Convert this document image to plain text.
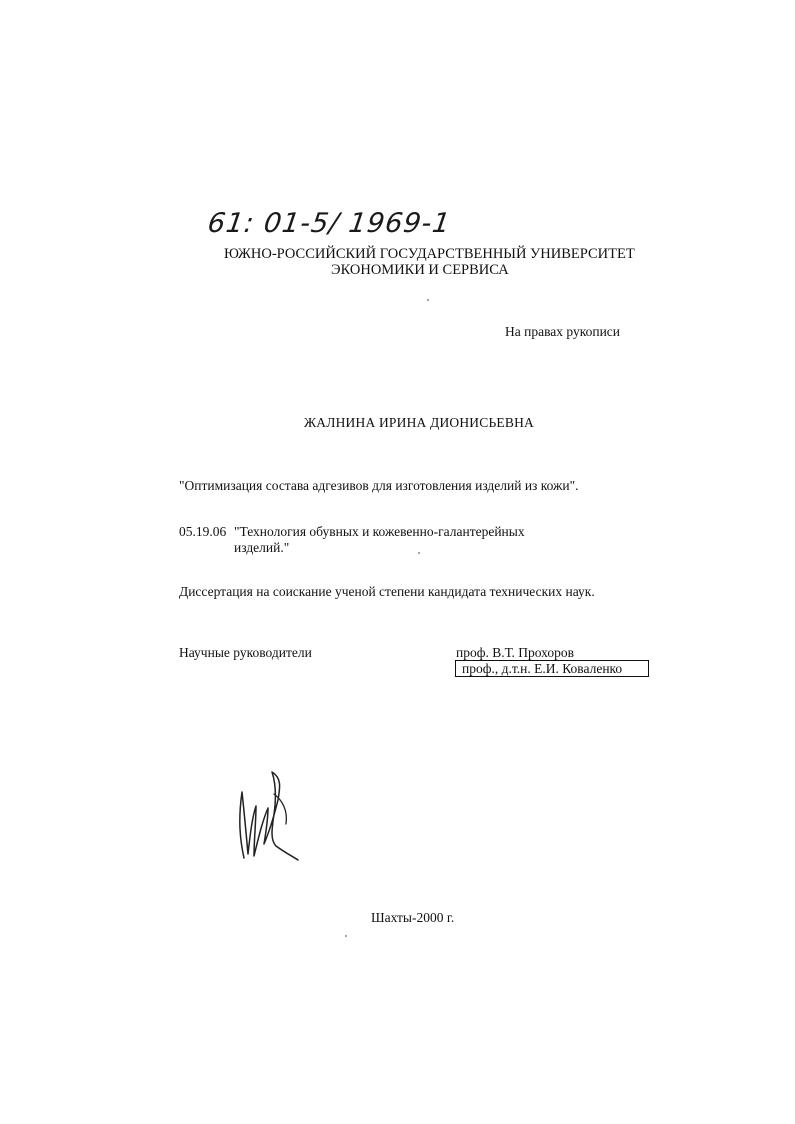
61: 01-5/ 1969-1
ЮЖНО-РОССИЙСКИЙ ГОСУДАРСТВЕННЫЙ УНИВЕРСИТЕТ
ЭКОНОМИКИ И СЕРВИСА
На правах рукописи
ЖАЛНИНА ИРИНА ДИОНИСЬЕВНА
"Оптимизация состава адгезивов для изготовления изделий из кожи".
05.19.06 "Технология обувных и кожевенно-галантерейных
изделий."
Диссертация на соискание ученой степени кандидата технических наук.
Научные руководители	проф. В.Т. Прохоров
проф., д.т.н. Е.И. Коваленко
Шахты-2000 г.
